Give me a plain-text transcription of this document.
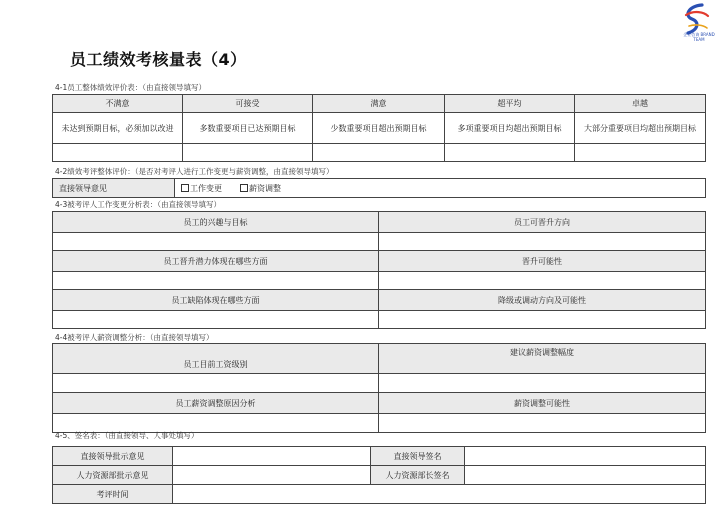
企业咨询 BRAND TEAM
员工绩效考核量表（4）
4-1员工整体绩效评价表：（由直接领导填写）
不满意	可接受	满意	超平均	卓越
未达到预期目标，必须加以改进	多数重要项目已达预期目标	少数重要项目超出预期目标	多项重要项目均超出预期目标	大部分重要项目均超出预期目标

4-2绩效考评整体评价：（是否对考评人进行工作变更与薪资调整，由直接领导填写）
直接领导意见	工作变更	薪资调整
4-3被考评人工作变更分析表：（由直接领导填写）
员工的兴趣与目标	员工可晋升方向

员工晋升潜力体现在哪些方面	晋升可能性

员工缺陷体现在哪些方面	降级或调动方向及可能性

4-4被考评人薪资调整分析：（由直接领导填写）
员工目前工资级别	建议薪资调整幅度

员工薪资调整原因分析	薪资调整可能性

4-5、签名表：（由直接领导、人事处填写）
直接领导批示意见		直接领导签名	
人力资源部批示意见		人力资源部长签名	
考评时间			
